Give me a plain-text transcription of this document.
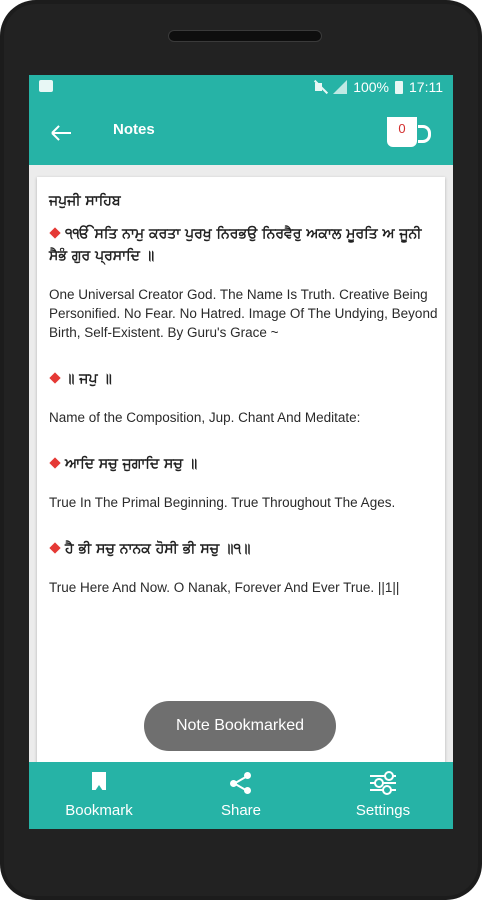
100% 17:11
Notes	0
ਜਪੁਜੀ ਸਾਹਿਬ

੧ੴ ਸਤਿ ਨਾਮੁ ਕਰਤਾ ਪੁਰਖੁ ਨਿਰਭਉ ਨਿਰਵੈਰੁ ਅਕਾਲ ਮੂਰਤਿ ਅ ਜੂਨੀ ਸੈਭੰ ਗੁਰ ਪ੍ਰਸਾਦਿ ॥

One Universal Creator God. The Name Is Truth. Creative Being Personified. No Fear. No Hatred. Image Of The Undying, Beyond Birth, Self-Existent. By Guru's Grace ~

॥ ਜਪੁ ॥

Name of the Composition, Jup. Chant And Meditate:

ਆਦਿ ਸਚੁ ਜੁਗਾਦਿ ਸਚੁ ॥

True In The Primal Beginning. True Throughout The Ages.

ਹੈ ਭੀ ਸਚੁ ਨਾਨਕ ਹੋਸੀ ਭੀ ਸਚੁ ॥੧॥

True Here And Now. O Nanak, Forever And Ever True. ||1||

Note Bookmarked
Bookmark	Share	Settings
